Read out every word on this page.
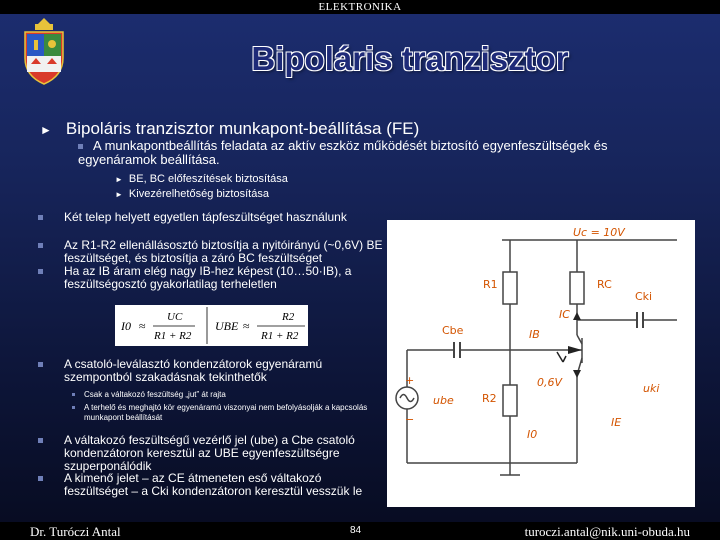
ELEKTRONIKA
Bipoláris tranzisztor
► Bipoláris tranzisztor munkapont-beállítása (FE)
A munkapontbeállítás feladata az aktív eszköz működését biztosító egyenfeszültségek és egyenáramok beállítása.
► BE, BC előfeszítések biztosítása
► Kivezérelhetőség biztosítása
Két telep helyett egyetlen tápfeszültséget használunk
Az R1-R2 ellenállásosztó biztosítja a nyitóirányú (~0,6V) BE feszültséget, és biztosítja a záró BC feszültséget
Ha az IB áram elég nagy IB-hez képest (10…50·IB), a feszültségosztó gyakorlatilag terheletlen
I0 ≈
UC
R1 + R2
UBE ≈
R2
R1 + R2
A csatoló-leválasztó kondenzátorok egyenáramú szempontból szakadásnak tekinthetők
Csak a váltakozó feszültség „jut” át rajta
A terhelő és meghajtó kör egyenáramú viszonyai nem befolyásolják a kapcsolás munkapont beállítását
A váltakozó feszültségű vezérlő jel (ube) a Cbe csatoló kondenzátoron keresztül az UBE egyenfeszültségre szuperponálódik
A kimenő jelet – az CE átmeneten eső váltakozó feszültséget – a Cki kondenzátoron keresztül vesszük le
Uc = 10V
R1	RC
Cki
IC
Cbe	IB
0,6V	uki
ube	R2
IE
I0
+
−
Dr. Turóczi Antal	84	turoczi.antal@nik.uni-obuda.hu
